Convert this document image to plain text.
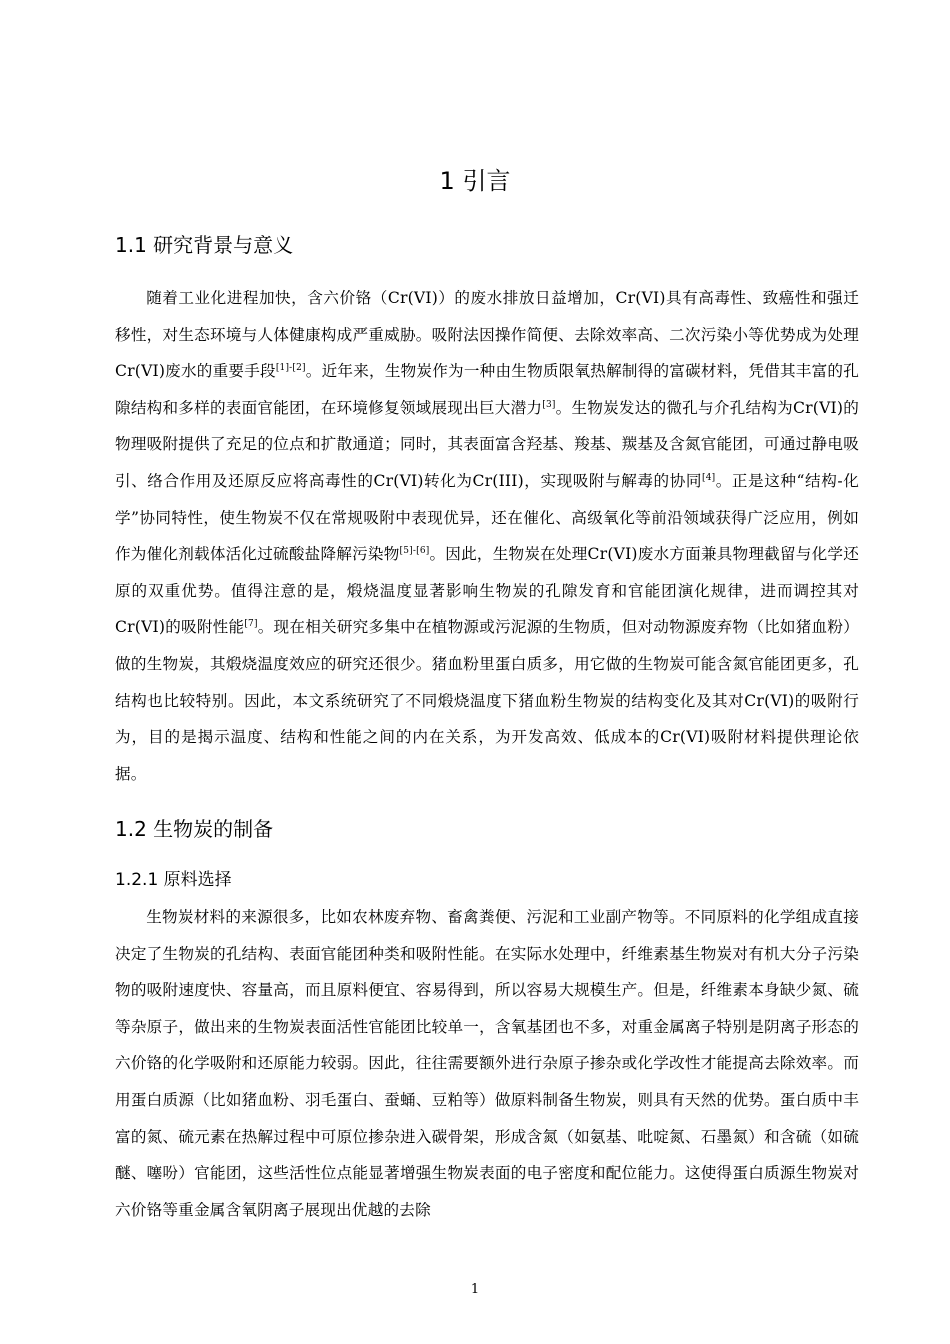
1 引言
1.1 研究背景与意义
随着工业化进程加快，含六价铬（Cr(VI)）的废水排放日益增加，Cr(VI)具有高毒性、致癌性和强迁移性，对生态环境与人体健康构成严重威胁。吸附法因操作简便、去除效率高、二次污染小等优势成为处理Cr(VI)废水的重要手段[1]-[2]。近年来，生物炭作为一种由生物质限氧热解制得的富碳材料，凭借其丰富的孔隙结构和多样的表面官能团，在环境修复领域展现出巨大潜力[3]。生物炭发达的微孔与介孔结构为Cr(VI)的物理吸附提供了充足的位点和扩散通道；同时，其表面富含羟基、羧基、羰基及含氮官能团，可通过静电吸引、络合作用及还原反应将高毒性的Cr(VI)转化为Cr(III)，实现吸附与解毒的协同[4]。正是这种“结构-化学”协同特性，使生物炭不仅在常规吸附中表现优异，还在催化、高级氧化等前沿领域获得广泛应用，例如作为催化剂载体活化过硫酸盐降解污染物[5]-[6]。因此，生物炭在处理Cr(VI)废水方面兼具物理截留与化学还原的双重优势。值得注意的是，煅烧温度显著影响生物炭的孔隙发育和官能团演化规律，进而调控其对Cr(VI)的吸附性能[7]。现在相关研究多集中在植物源或污泥源的生物质，但对动物源废弃物（比如猪血粉）做的生物炭，其煅烧温度效应的研究还很少。猪血粉里蛋白质多，用它做的生物炭可能含氮官能团更多，孔结构也比较特别。因此，本文系统研究了不同煅烧温度下猪血粉生物炭的结构变化及其对Cr(VI)的吸附行为，目的是揭示温度、结构和性能之间的内在关系，为开发高效、低成本的Cr(VI)吸附材料提供理论依据。
1.2 生物炭的制备
1.2.1 原料选择
生物炭材料的来源很多，比如农林废弃物、畜禽粪便、污泥和工业副产物等。不同原料的化学组成直接决定了生物炭的孔结构、表面官能团种类和吸附性能。在实际水处理中，纤维素基生物炭对有机大分子污染物的吸附速度快、容量高，而且原料便宜、容易得到，所以容易大规模生产。但是，纤维素本身缺少氮、硫等杂原子，做出来的生物炭表面活性官能团比较单一，含氧基团也不多，对重金属离子特别是阴离子形态的六价铬的化学吸附和还原能力较弱。因此，往往需要额外进行杂原子掺杂或化学改性才能提高去除效率。而用蛋白质源（比如猪血粉、羽毛蛋白、蚕蛹、豆粕等）做原料制备生物炭，则具有天然的优势。蛋白质中丰富的氮、硫元素在热解过程中可原位掺杂进入碳骨架，形成含氮（如氨基、吡啶氮、石墨氮）和含硫（如硫醚、噻吩）官能团，这些活性位点能显著增强生物炭表面的电子密度和配位能力。这使得蛋白质源生物炭对六价铬等重金属含氧阴离子展现出优越的去除
1
